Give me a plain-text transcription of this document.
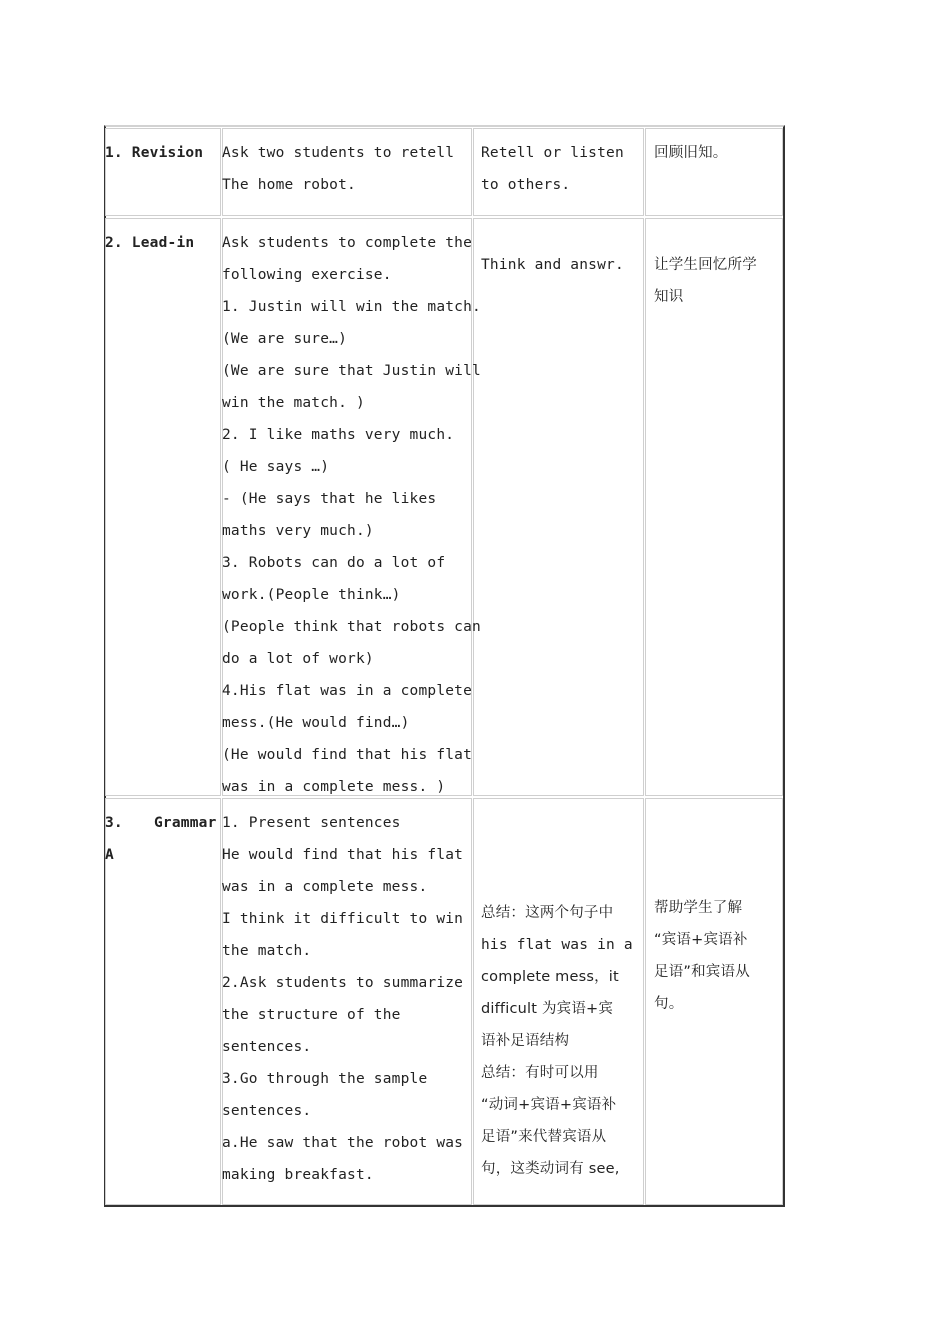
1. Revision Ask two students to retell
The home robot.
Retell or listen
to others.
回顾旧知。
2. Lead-in Ask students to complete the
following exercise.
1. Justin will win the match.
(We are sure…)
(We are sure that Justin will
win the match. )
2. I like maths very much.
( He says …)
- (He says that he likes
maths very much.)
3. Robots can do a lot of
work.(People think…)
(People think that robots can
do a lot of work)
4.His flat was in a complete
mess.(He would find…)
(He would find that his flat
was in a complete mess. )
Think and answr. 让学生回忆所学
知识
3. Grammar
A
1. Present sentences
He would find that his flat
was in a complete mess.
I think it difficult to win
the match.
2.Ask students to summarize
the structure of the
sentences.
3.Go through the sample
sentences.
a.He saw that the robot was
making breakfast.
总结：这两个句子中
his flat was in a
complete mess，it
difficult 为宾语+宾
语补足语结构
总结：有时可以用
“动词+宾语+宾语补
足语”来代替宾语从
句，这类动词有 see,
帮助学生了解
“宾语+宾语补
足语”和宾语从
句。
